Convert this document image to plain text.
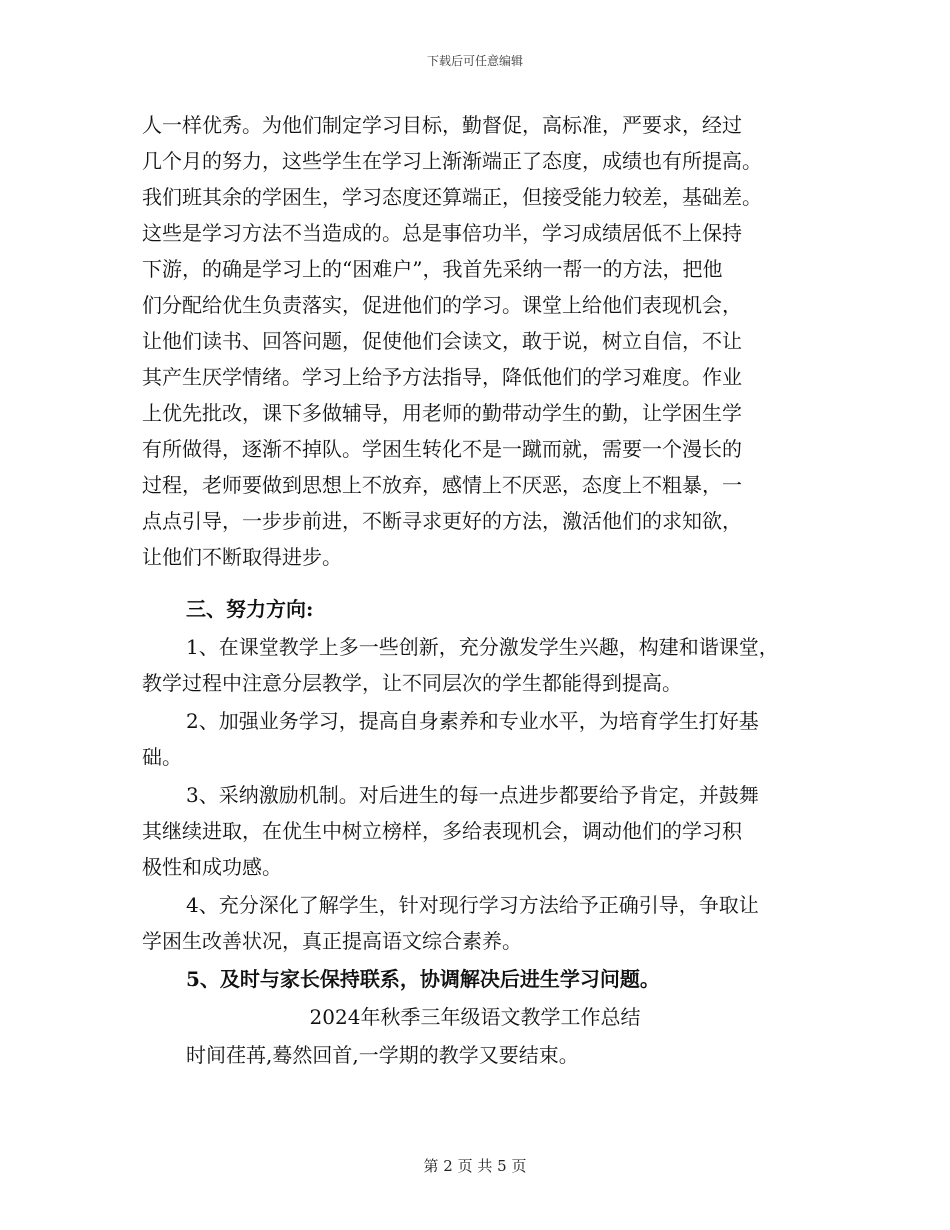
下载后可任意编辑
人一样优秀。为他们制定学习目标，勤督促，高标准，严要求，经过
几个月的努力，这些学生在学习上渐渐端正了态度，成绩也有所提高。
我们班其余的学困生，学习态度还算端正，但接受能力较差，基础差。
这些是学习方法不当造成的。总是事倍功半，学习成绩居低不上保持
下游，的确是学习上的“困难户”，我首先采纳一帮一的方法，把他
们分配给优生负责落实，促进他们的学习。课堂上给他们表现机会，
让他们读书、回答问题，促使他们会读文，敢于说，树立自信，不让
其产生厌学情绪。学习上给予方法指导，降低他们的学习难度。作业
上优先批改，课下多做辅导，用老师的勤带动学生的勤，让学困生学
有所做得，逐渐不掉队。学困生转化不是一蹴而就，需要一个漫长的
过程，老师要做到思想上不放弃，感情上不厌恶，态度上不粗暴，一
点点引导，一步步前进，不断寻求更好的方法，激活他们的求知欲，
让他们不断取得进步。
三、努力方向:
1、在课堂教学上多一些创新，充分激发学生兴趣，构建和谐课堂，
教学过程中注意分层教学，让不同层次的学生都能得到提高。
2、加强业务学习，提高自身素养和专业水平，为培育学生打好基
础。
3、采纳激励机制。对后进生的每一点进步都要给予肯定，并鼓舞
其继续进取，在优生中树立榜样，多给表现机会，调动他们的学习积
极性和成功感。
4、充分深化了解学生，针对现行学习方法给予正确引导，争取让
学困生改善状况，真正提高语文综合素养。
5、及时与家长保持联系，协调解决后进生学习问题。
2024年秋季三年级语文教学工作总结
时间荏苒,蓦然回首,一学期的教学又要结束。
第 2 页 共 5 页
